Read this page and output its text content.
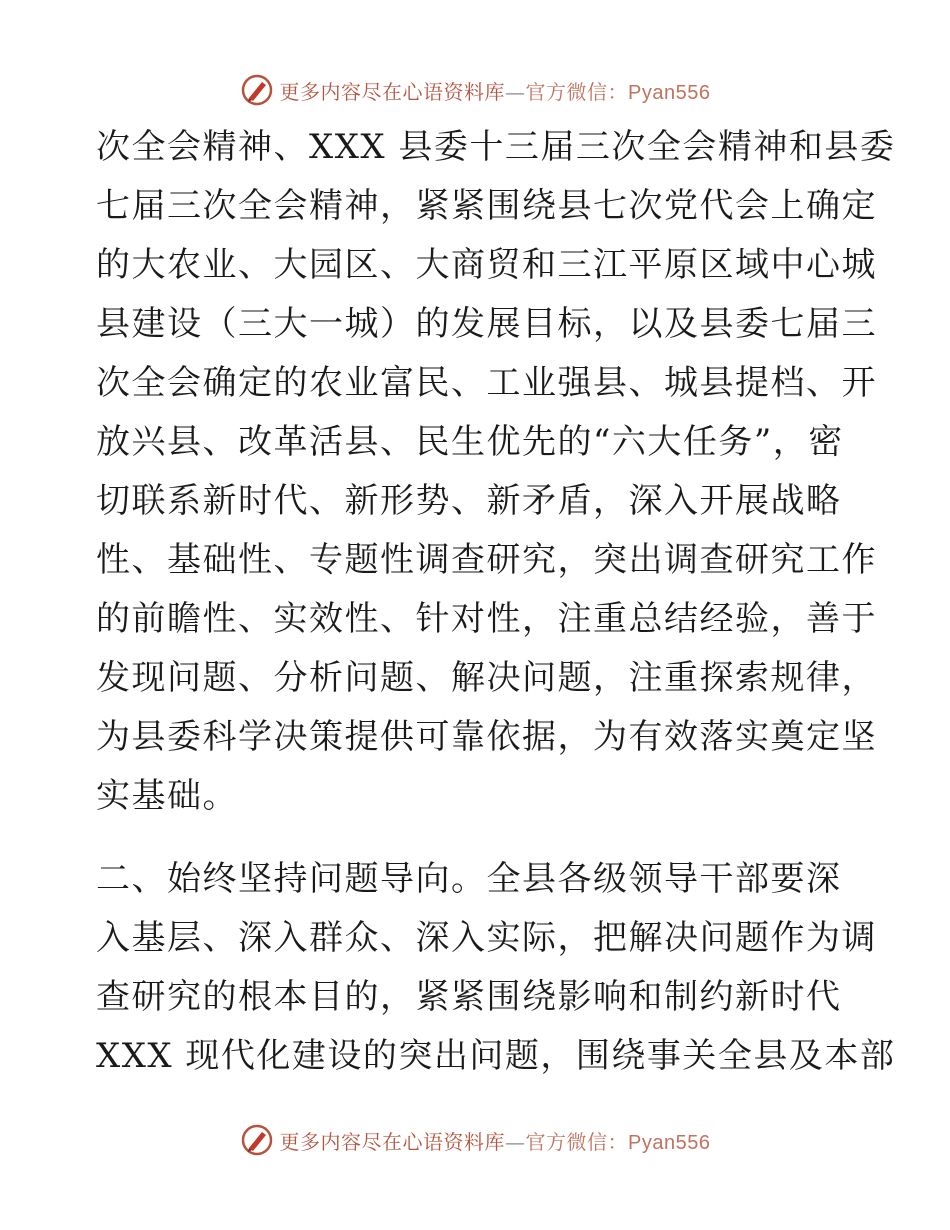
更多内容尽在心语资料库—官方微信：Pyan556
次全会精神、XXX 县委十三届三次全会精神和县委
七届三次全会精神，紧紧围绕县七次党代会上确定
的大农业、大园区、大商贸和三江平原区域中心城
县建设（三大一城）的发展目标，以及县委七届三
次全会确定的农业富民、工业强县、城县提档、开
放兴县、改革活县、民生优先的“六大任务”，密
切联系新时代、新形势、新矛盾，深入开展战略
性、基础性、专题性调查研究，突出调查研究工作
的前瞻性、实效性、针对性，注重总结经验，善于
发现问题、分析问题、解决问题，注重探索规律，
为县委科学决策提供可靠依据，为有效落实奠定坚
实基础。
二、始终坚持问题导向。全县各级领导干部要深
入基层、深入群众、深入实际，把解决问题作为调
查研究的根本目的，紧紧围绕影响和制约新时代
XXX 现代化建设的突出问题，围绕事关全县及本部
更多内容尽在心语资料库—官方微信：Pyan556
